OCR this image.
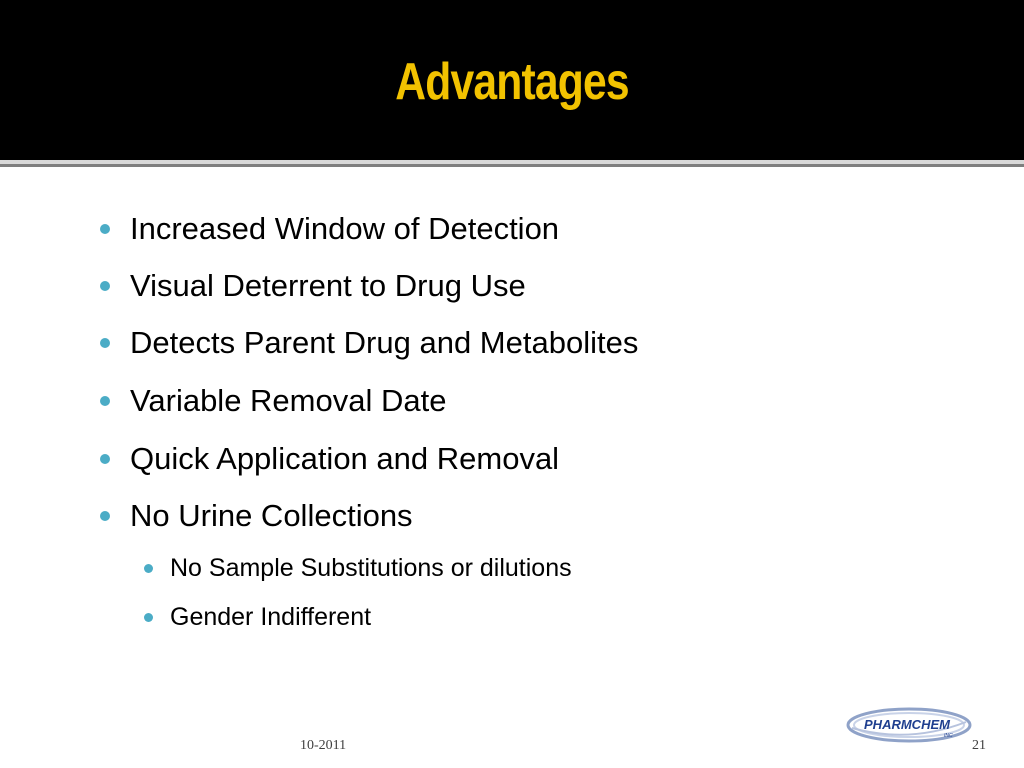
Advantages
Increased Window of Detection
Visual Deterrent to Drug Use
Detects Parent Drug and Metabolites
Variable Removal Date
Quick Application and Removal
No Urine Collections
No Sample Substitutions or dilutions
Gender Indifferent
10-2011	21
PHARMCHEM
INC
